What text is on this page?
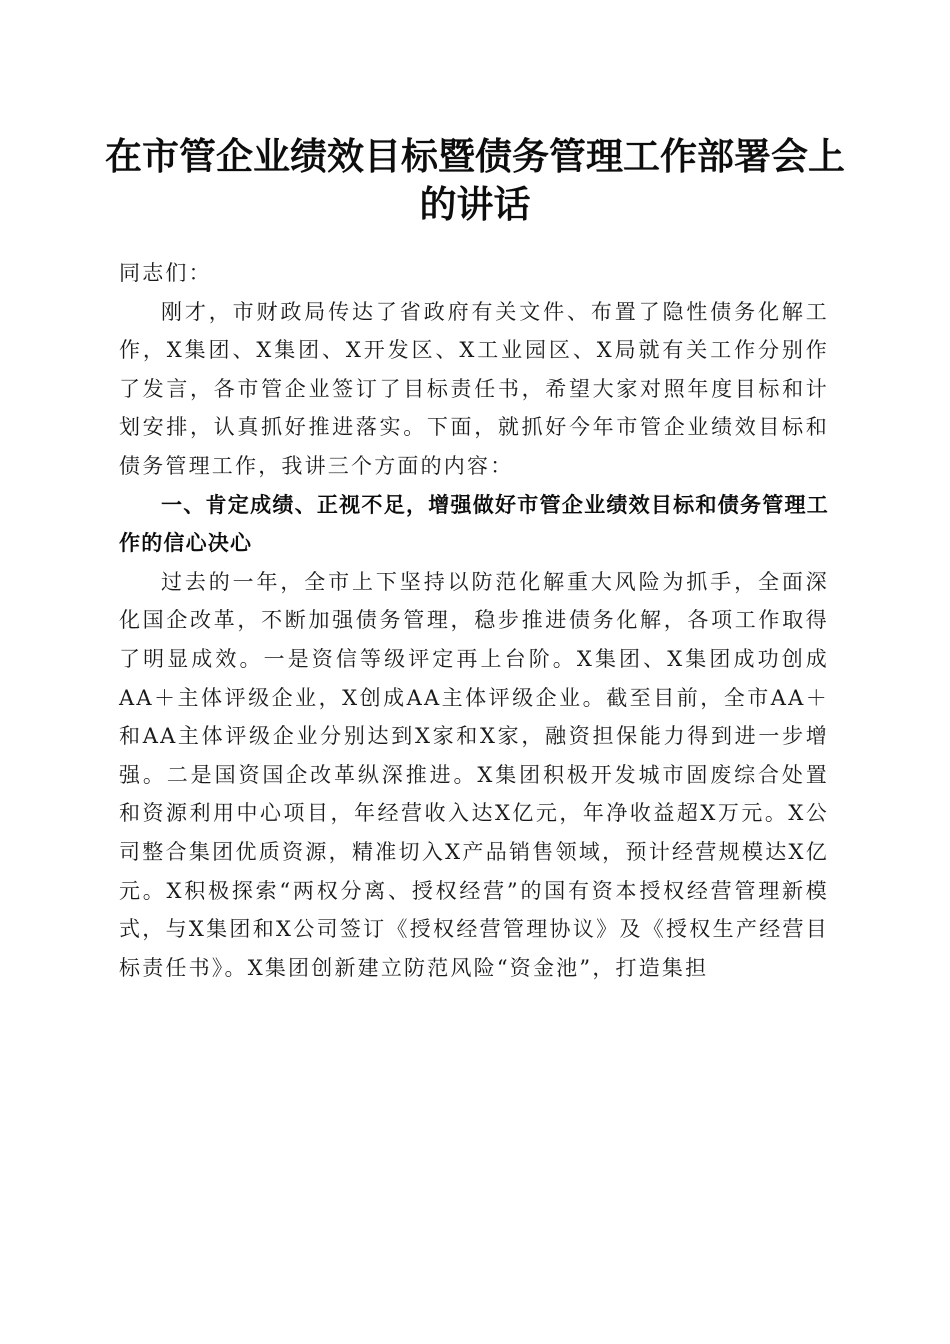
在市管企业绩效目标暨债务管理工作部署会上
的讲话

同志们：

刚才，市财政局传达了省政府有关文件、布置了隐性债务化解工作，X集团、X集团、X开发区、X工业园区、X局就有关工作分别作了发言，各市管企业签订了目标责任书，希望大家对照年度目标和计划安排，认真抓好推进落实。下面，就抓好今年市管企业绩效目标和债务管理工作，我讲三个方面的内容：

一、肯定成绩、正视不足，增强做好市管企业绩效目标和债务管理工作的信心决心

过去的一年，全市上下坚持以防范化解重大风险为抓手，全面深化国企改革，不断加强债务管理，稳步推进债务化解，各项工作取得了明显成效。一是资信等级评定再上台阶。X集团、X集团成功创成AA＋主体评级企业，X创成AA主体评级企业。截至目前，全市AA＋和AA主体评级企业分别达到X家和X家，融资担保能力得到进一步增强。二是国资国企改革纵深推进。X集团积极开发城市固废综合处置和资源利用中心项目，年经营收入达X亿元，年净收益超X万元。X公司整合集团优质资源，精准切入X产品销售领域，预计经营规模达X亿元。X积极探索“两权分离、授权经营”的国有资本授权经营管理新模式，与X集团和X公司签订《授权经营管理协议》及《授权生产经营目标责任书》。X集团创新建立防范风险“资金池”，打造集担
